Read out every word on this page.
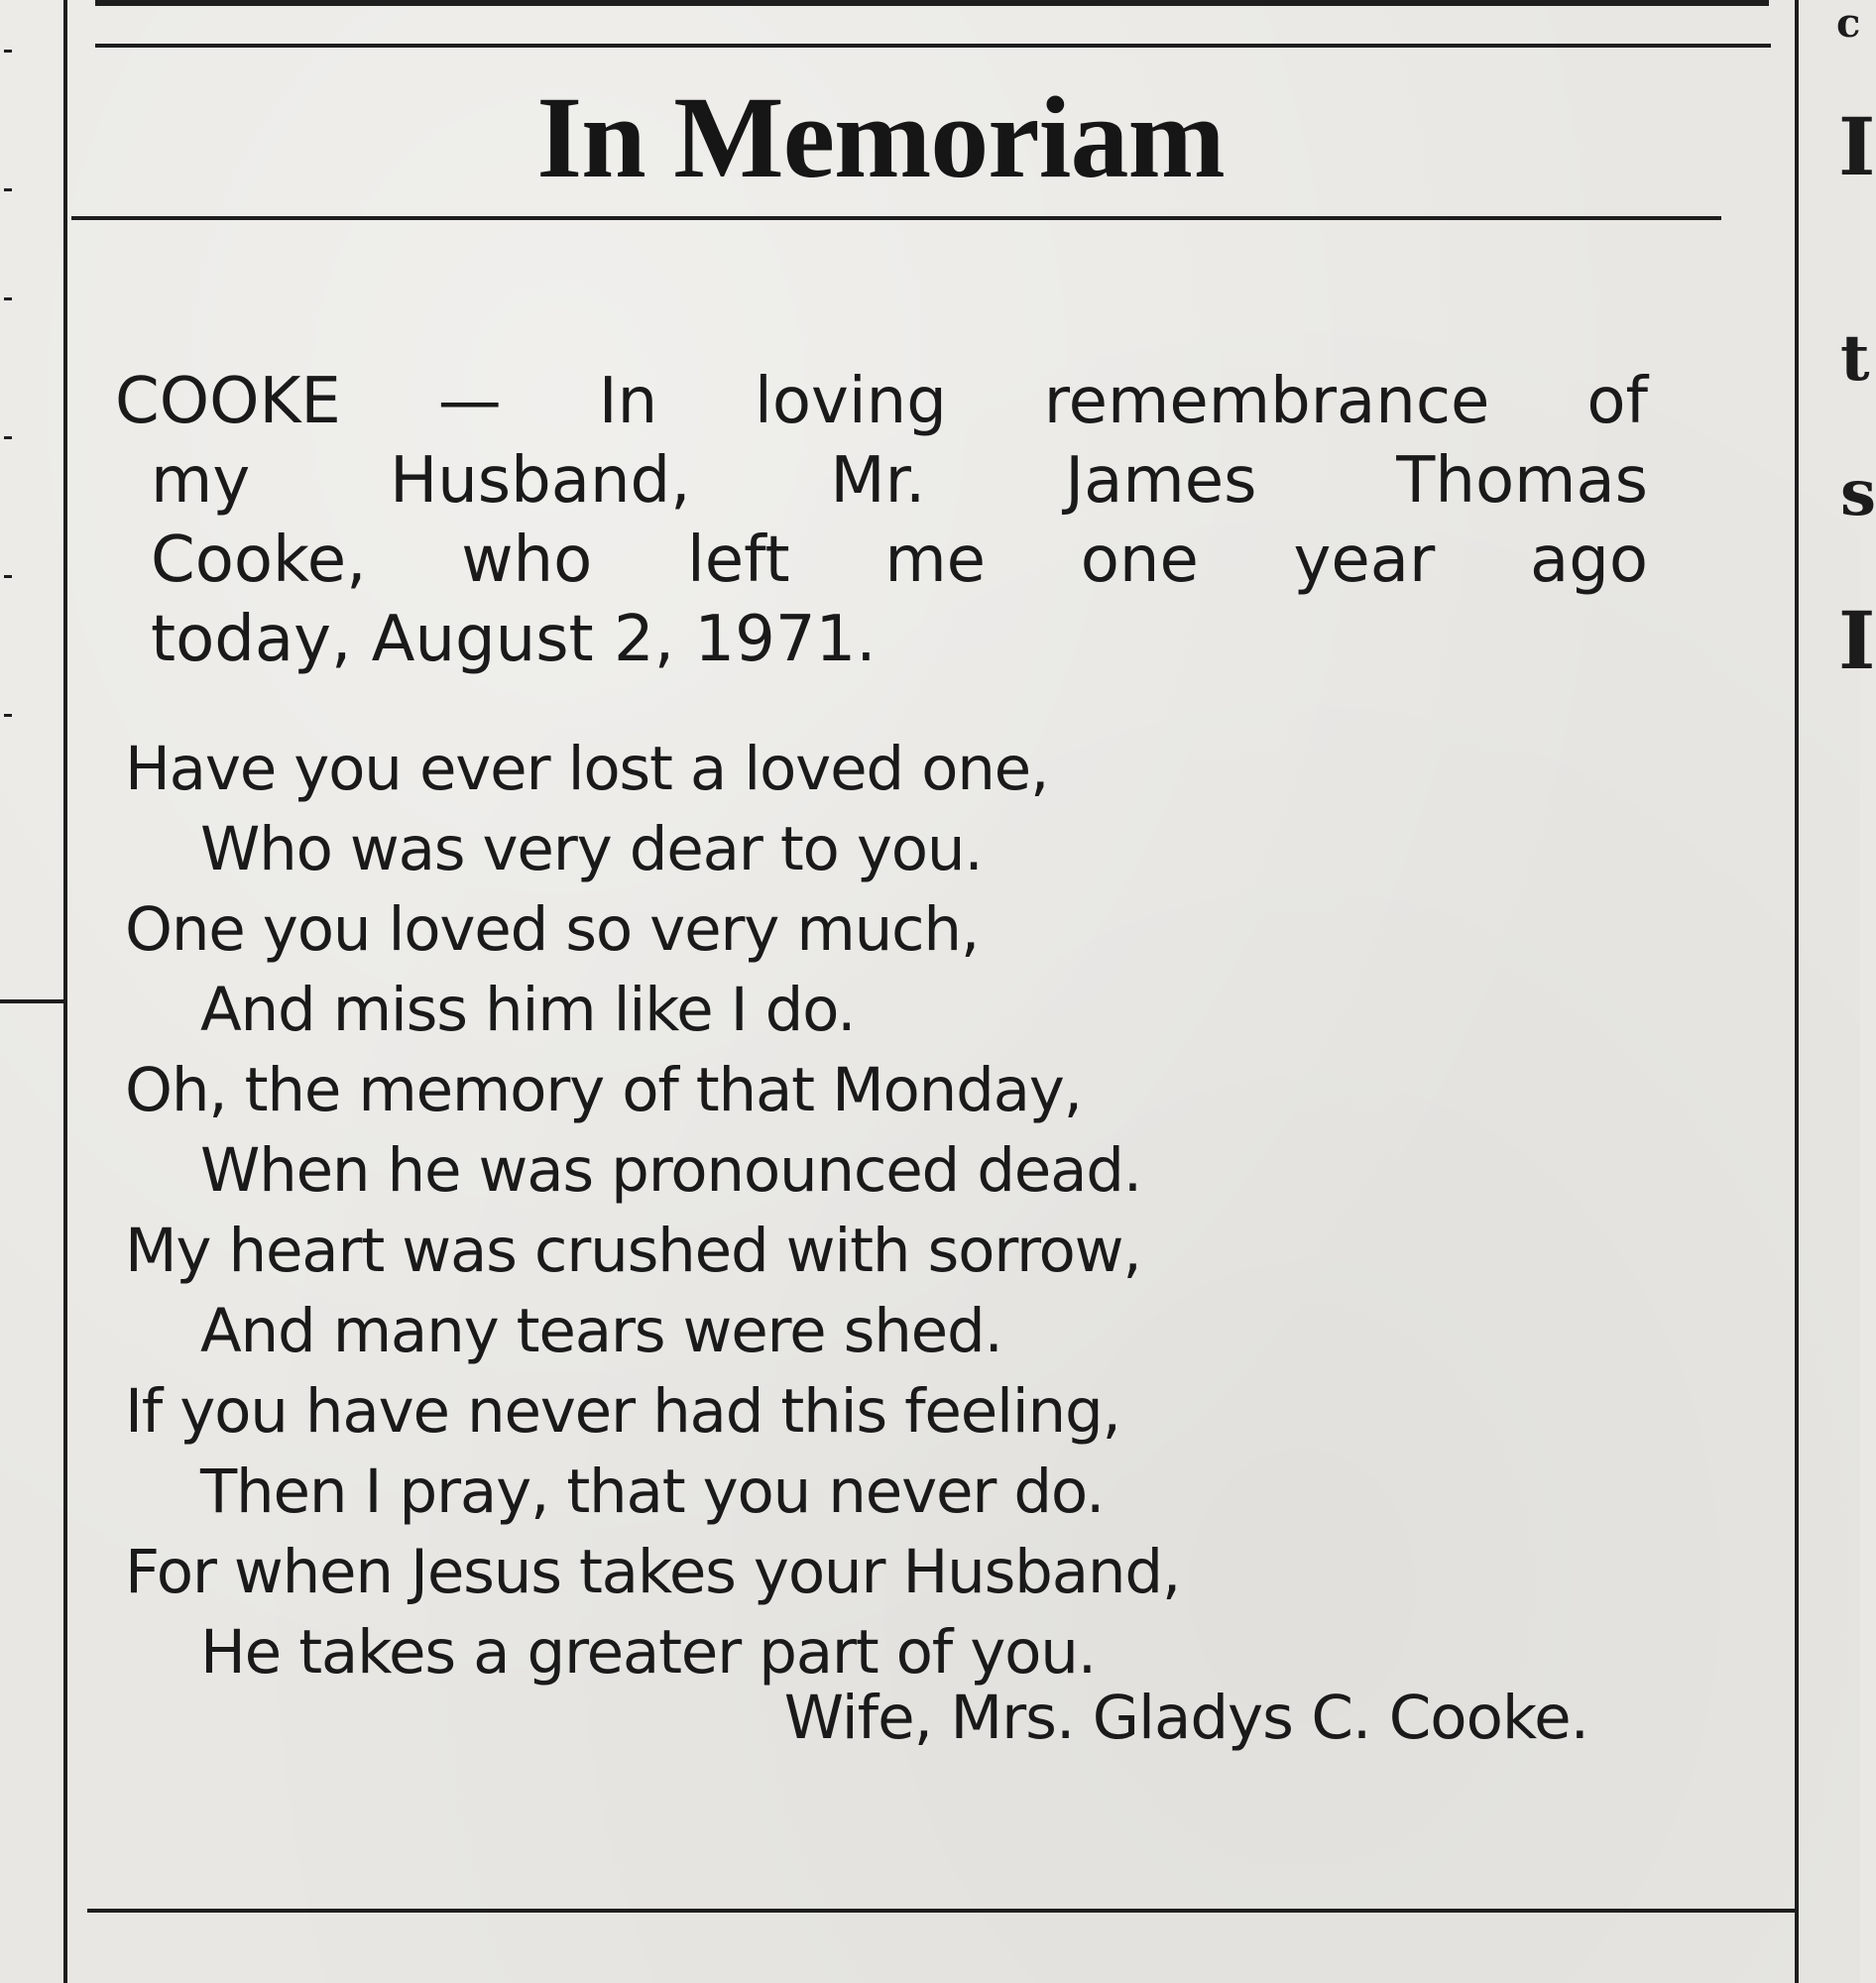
c
I
t
s
I
In Memoriam
COOKE — In loving remembrance of
my Husband, Mr. James Thomas
Cooke, who left me one year ago
today, August 2, 1971.
Have you ever lost a loved one,
Who was very dear to you.
One you loved so very much,
And miss him like I do.
Oh, the memory of that Monday,
When he was pronounced dead.
My heart was crushed with sorrow,
And many tears were shed.
If you have never had this feeling,
Then I pray, that you never do.
For when Jesus takes your Husband,
He takes a greater part of you.
Wife, Mrs. Gladys C. Cooke.
